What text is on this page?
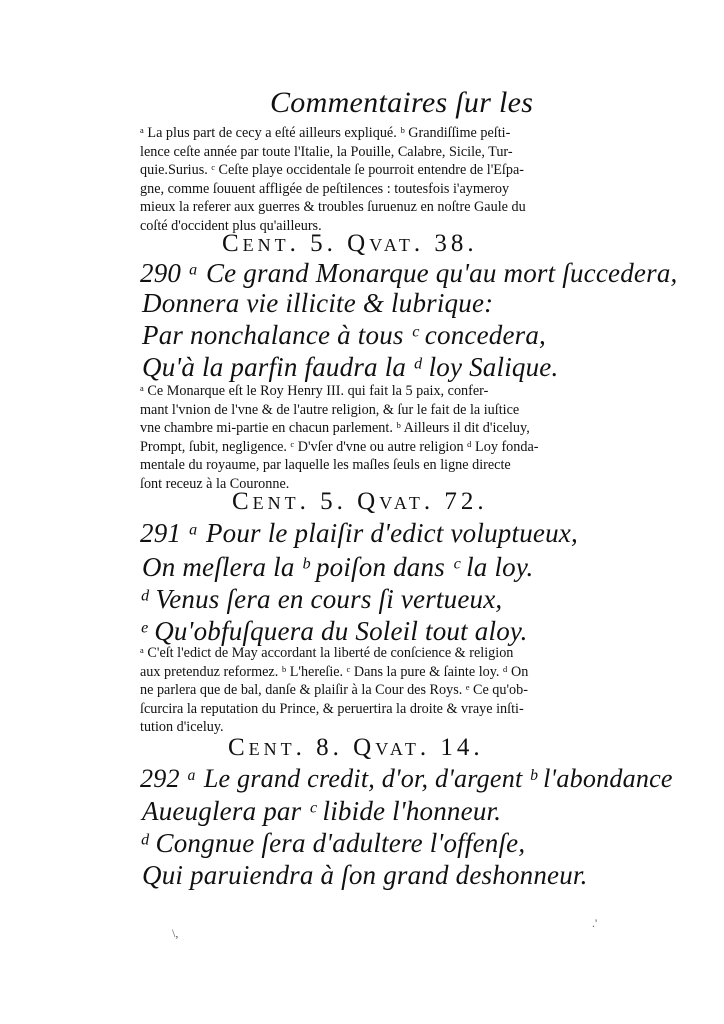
Commentaires ſur les
ᵃ La plus part de cecy a eſté ailleurs expliqué. ᵇ Grandiſſime peſti-
lence ceſte année par toute l'Italie, la Pouille, Calabre, Sicile, Tur-
quie.Surius. ᶜ Ceſte playe occidentale ſe pourroit entendre de l'Eſpa-
gne, comme ſouuent affligée de peſtilences : toutesfois i'aymeroy
mieux la referer aux guerres & troubles ſuruenuz en noſtre Gaule du
coſté d'occident plus qu'ailleurs.
Cent. 5. Qvat. 38.
290 ᵃ Ce grand Monarque qu'au mort ſuccedera,
Donnera vie illicite & lubrique:
Par nonchalance à tous ᶜ concedera,
Qu'à la parfin faudra la ᵈ loy Salique.
ᵃ Ce Monarque eſt le Roy Henry III. qui fait la 5 paix, confer-
mant l'vnion de l'vne & de l'autre religion, & ſur le fait de la iuſtice
vne chambre mi-partie en chacun parlement. ᵇ Ailleurs il dit d'iceluy,
Prompt, ſubit, negligence. ᶜ D'vſer d'vne ou autre religion ᵈ Loy fonda-
mentale du royaume, par laquelle les maſles ſeuls en ligne directe
ſont receuz à la Couronne.
Cent. 5. Qvat. 72.
291 ᵃ Pour le plaiſir d'edict voluptueux,
On meſlera la ᵇ poiſon dans ᶜ la loy.
ᵈ Venus ſera en cours ſi vertueux,
ᵉ Qu'obfuſquera du Soleil tout aloy.
ᵃ C'eſt l'edict de May accordant la liberté de conſcience & religion
aux pretenduz reformez. ᵇ L'hereſie. ᶜ Dans la pure & ſainte loy. ᵈ On
ne parlera que de bal, danſe & plaiſir à la Cour des Roys. ᵉ Ce qu'ob-
ſcurcira la reputation du Prince, & peruertira la droite & vraye inſti-
tution d'iceluy.
Cent. 8. Qvat. 14.
292 ᵃ Le grand credit, d'or, d'argent ᵇ l'abondance
Aueuglera par ᶜ libide l'honneur.
ᵈ Congnue ſera d'adultere l'offenſe,
Qui paruiendra à ſon grand deshonneur.
\,
.'
